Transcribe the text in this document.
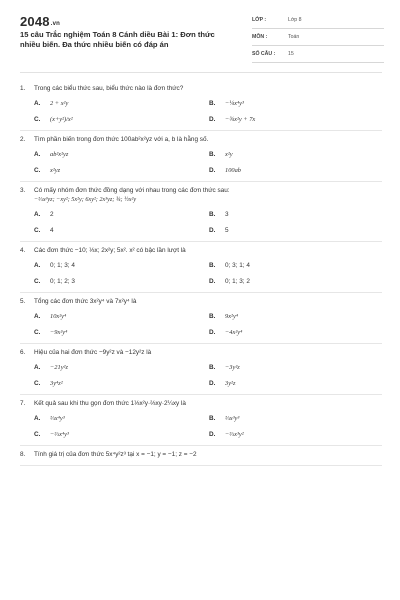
2048.vn
15 câu Trắc nghiệm Toán 8 Cánh diều Bài 1: Đơn thức nhiều biến. Đa thức nhiều biến có đáp án
LỚP :	Lớp 8
MÔN :	Toán
SỐ CÂU :	15
1.	Trong các biểu thức sau, biểu thức nào là đơn thức?
A.	2 + x²y	B.	−¼x⁴y³
C.	(x+y²)/x²	D.	−¾x²y + 7x
2.	Tìm phần biến trong đơn thức 100ab²x²yz với a, b là hằng số.
A.	ab²x²yz	B.	x²y
C.	x²yz	D.	100ab
3.	Có mấy nhóm đơn thức đồng dạng với nhau trong các đơn thức sau:
−⅔x³yz; −xy²; 5x²y; 6xy²; 2x³yz; ¾; ½x²y
A.	2	B.	3
C.	4	D.	5
4.	Các đơn thức −10; ⅓x; 2x²y; 5x². x² có bậc lần lượt là
A.	0; 1; 3; 4	B.	0; 3; 1; 4
C.	0; 1; 2; 3	D.	0; 1; 3; 2
5.	Tổng các đơn thức 3x²y⁴ và 7x²y⁴ là
A.	10x²y⁴	B.	9x²y⁴
C.	−9x²y⁴	D.	−4x²y⁴
6.	Hiệu của hai đơn thức −9y²z và −12y²z là
A.	−21y²z	B.	−3y²z
C.	3y⁴z²	D.	3y²z
7.	Kết quả sau khi thu gọn đơn thức 1⅓x²y·⅔xy·2¼xy là
A.	⅔x⁴y³	B.	⅔x³y³
C.	−⅔x⁴y³	D.	−⅔x³y²
8.	Tính giá trị của đơn thức 5x⁴y²z³ tại x = −1; y = −1; z = −2
